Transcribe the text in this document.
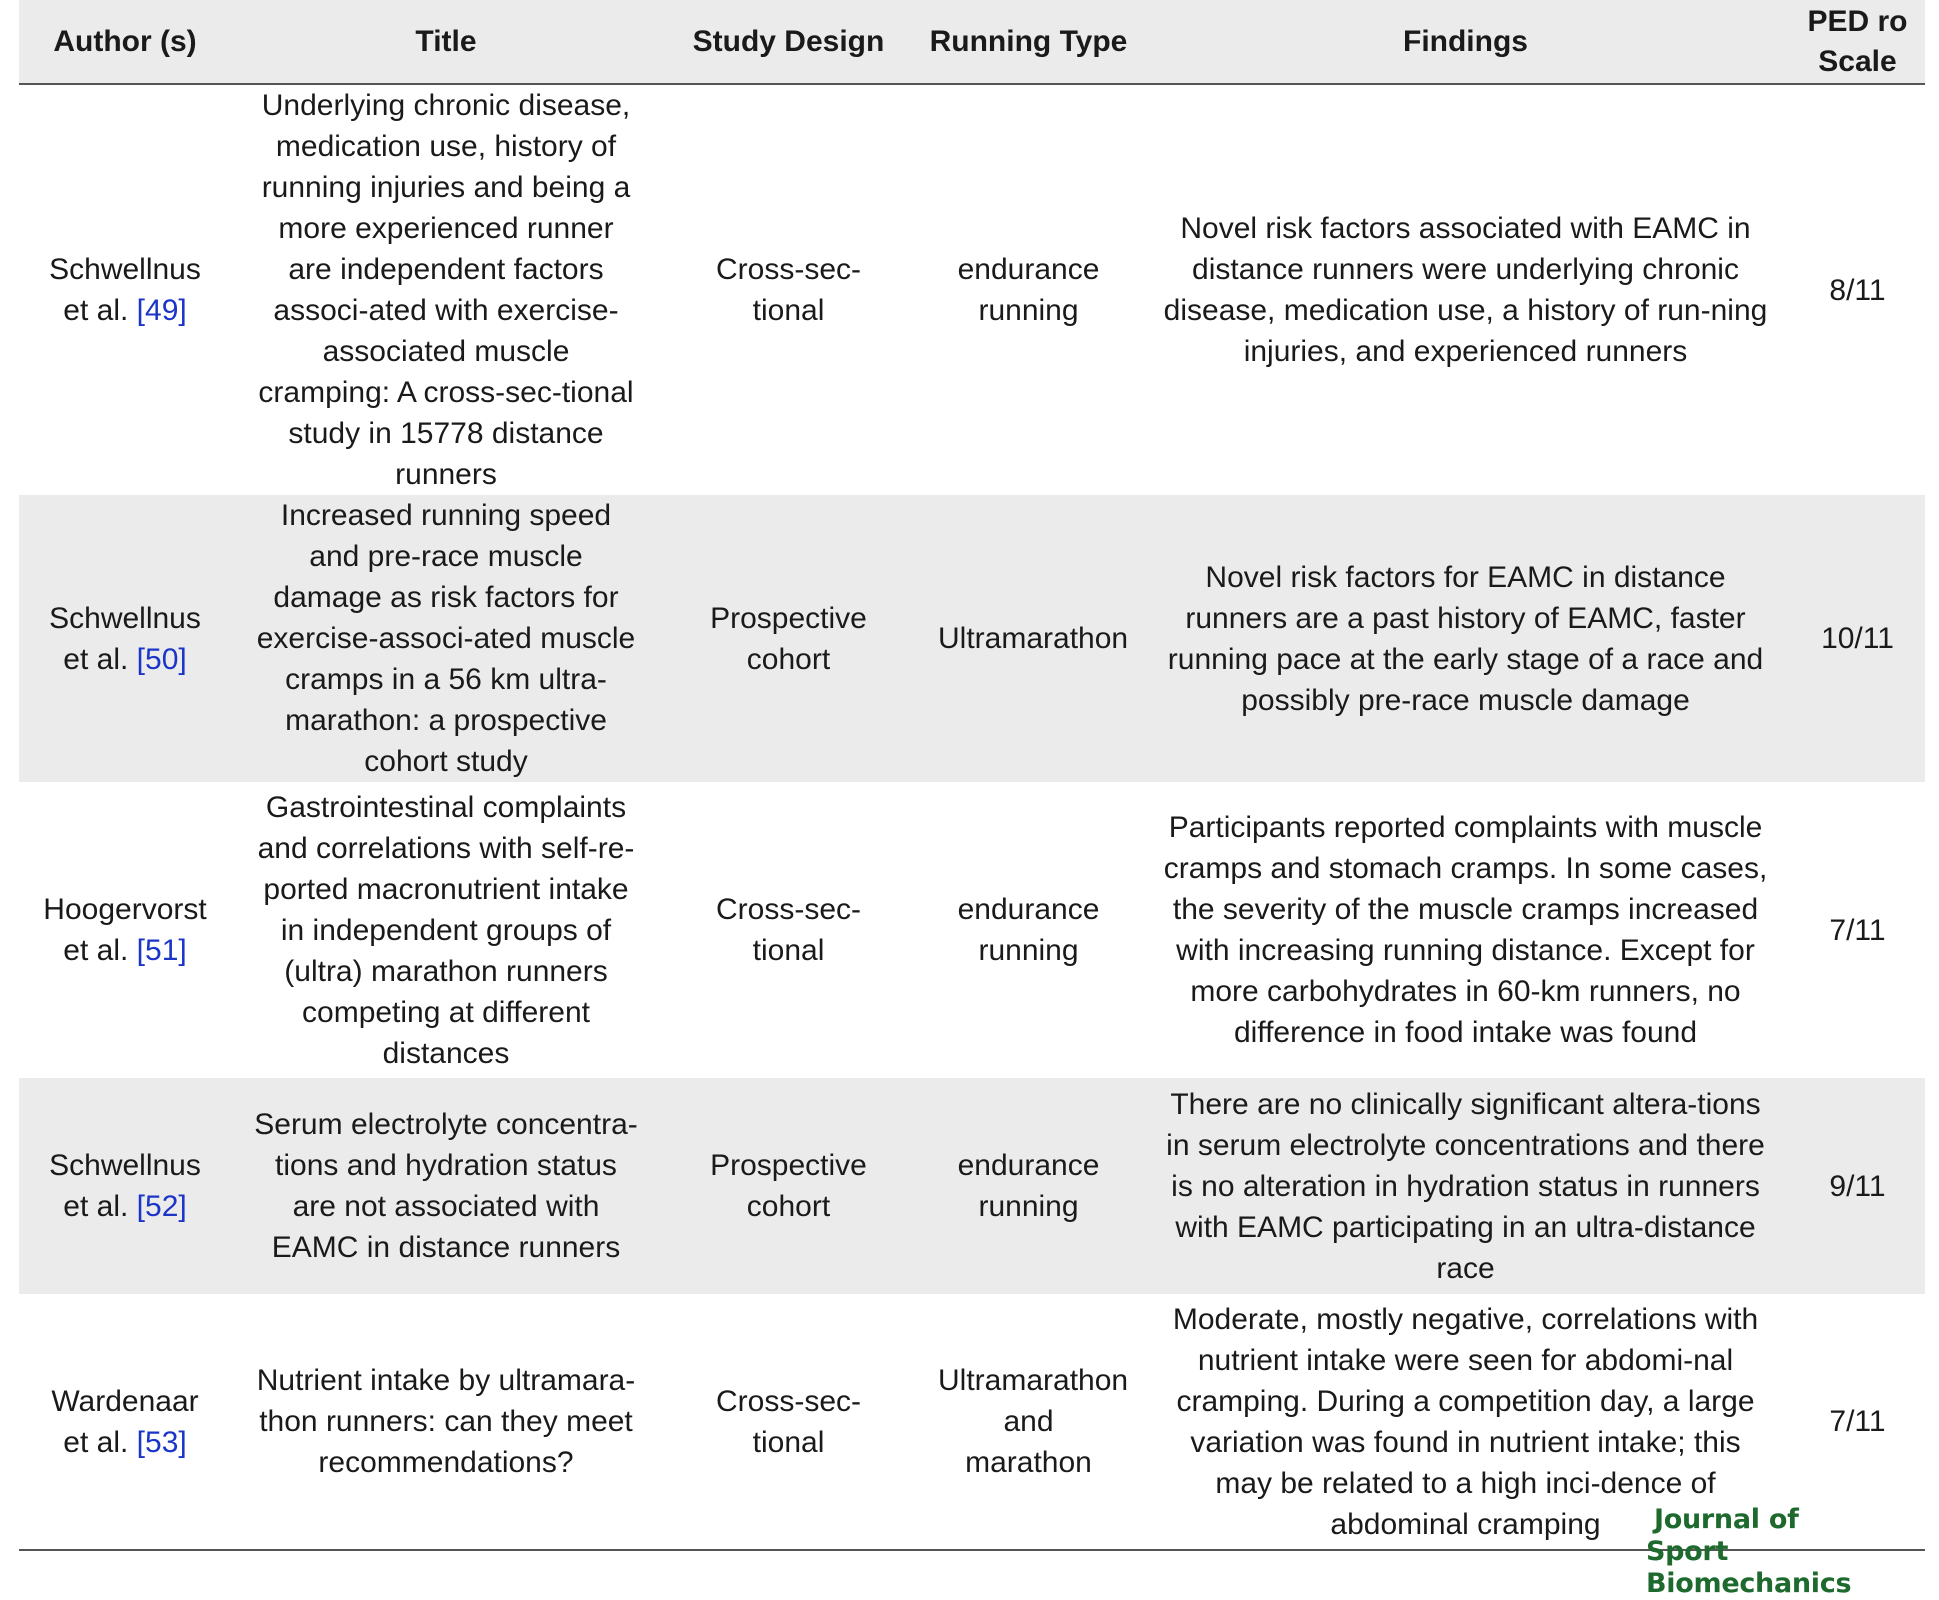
Author (s)	Title	Study Design	Running Type	Findings	PED ro Scale
Schwellnus et al. [49]	Underlying chronic disease, medication use, history of running injuries and being a more experienced runner are independent factors associ-ated with exercise-associated muscle cramping: A cross-sec-tional study in 15778 distance runners	Cross-sec-tional	endurance running	Novel risk factors associated with EAMC in distance runners were underlying chronic disease, medication use, a history of run-ning injuries, and experienced runners	8/11
Schwellnus et al. [50]	Increased running speed and pre-race muscle damage as risk factors for exercise-associ-ated muscle cramps in a 56 km ultra-marathon: a prospective cohort study	Prospective cohort	Ultramarathon	Novel risk factors for EAMC in distance runners are a past history of EAMC, faster running pace at the early stage of a race and possibly pre-race muscle damage	10/11
Hoogervorst et al. [51]	Gastrointestinal complaints and correlations with self-re-ported macronutrient intake in independent groups of (ultra) marathon runners competing at different distances	Cross-sec-tional	endurance running	Participants reported complaints with muscle cramps and stomach cramps. In some cases, the severity of the muscle cramps increased with increasing running distance. Except for more carbohydrates in 60-km runners, no difference in food intake was found	7/11
Schwellnus et al. [52]	Serum electrolyte concentra-tions and hydration status are not associated with EAMC in distance runners	Prospective cohort	endurance running	There are no clinically significant altera-tions in serum electrolyte concentrations and there is no alteration in hydration status in runners with EAMC participating in an ultra-distance race	9/11
Wardenaar et al. [53]	Nutrient intake by ultramara-thon runners: can they meet recommendations?	Cross-sec-tional	Ultramarathon and marathon	Moderate, mostly negative, correlations with nutrient intake were seen for abdomi-nal cramping. During a competition day, a large variation was found in nutrient intake; this may be related to a high inci-dence of abdominal cramping	7/11
Journal of
Sport Biomechanics
